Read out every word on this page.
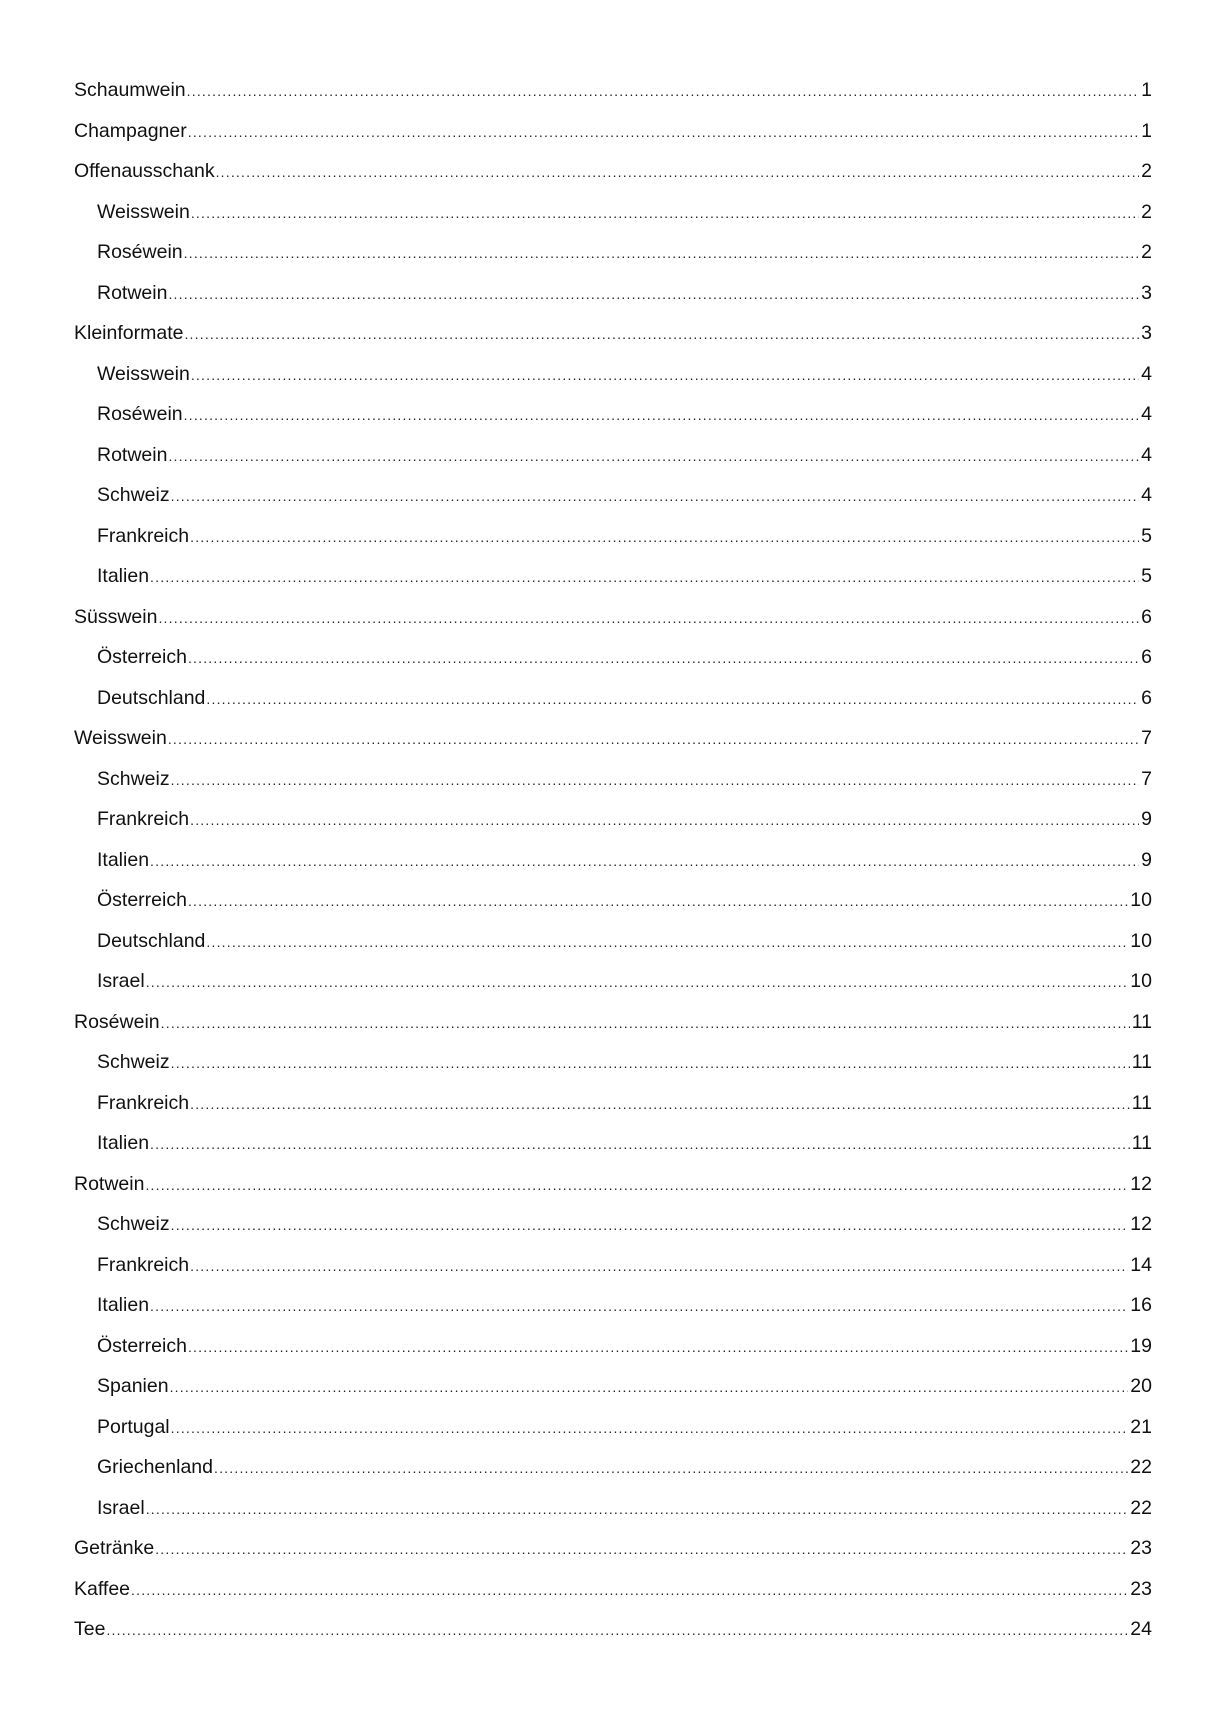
Schaumwein .....	1
Champagner .....	1
Offenausschank .....	2
Weisswein .....	2
Roséwein .....	2
Rotwein .....	3
Kleinformate .....	3
Weisswein .....	4
Roséwein .....	4
Rotwein .....	4
Schweiz .....	4
Frankreich .....	5
Italien .....	5
Süsswein .....	6
Österreich .....	6
Deutschland .....	6
Weisswein .....	7
Schweiz .....	7
Frankreich .....	9
Italien .....	9
Österreich .....	10
Deutschland .....	10
Israel .....	10
Roséwein .....	11
Schweiz .....	11
Frankreich .....	11
Italien .....	11
Rotwein .....	12
Schweiz .....	12
Frankreich .....	14
Italien .....	16
Österreich .....	19
Spanien .....	20
Portugal .....	21
Griechenland .....	22
Israel .....	22
Getränke .....	23
Kaffee .....	23
Tee .....	24
